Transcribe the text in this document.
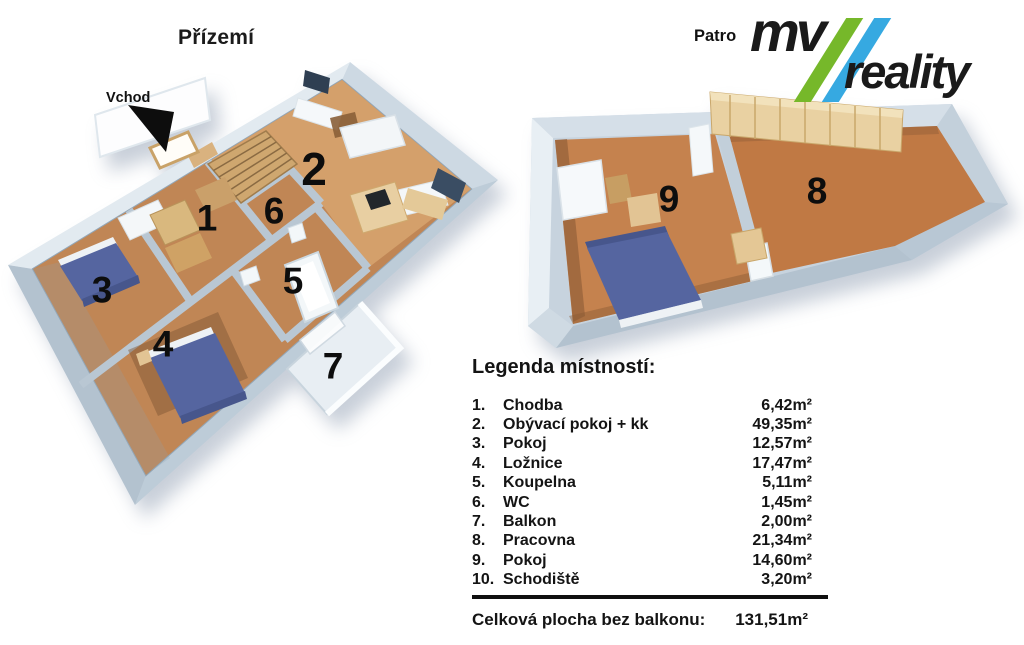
Přízemí
Vchod
Patro mv
reality
1
2
3
4
5
6
7
8
9
Legenda místností:
1.	Chodba	6,42m²
2.	Obývací pokoj + kk	49,35m²
3.	Pokoj	12,57m²
4.	Ložnice	17,47m²
5.	Koupelna	5,11m²
6.	WC	1,45m²
7.	Balkon	2,00m²
8.	Pracovna	21,34m²
9.	Pokoj	14,60m²
10. Schodiště	3,20m²
Celková plocha bez balkonu:	131,51m²
